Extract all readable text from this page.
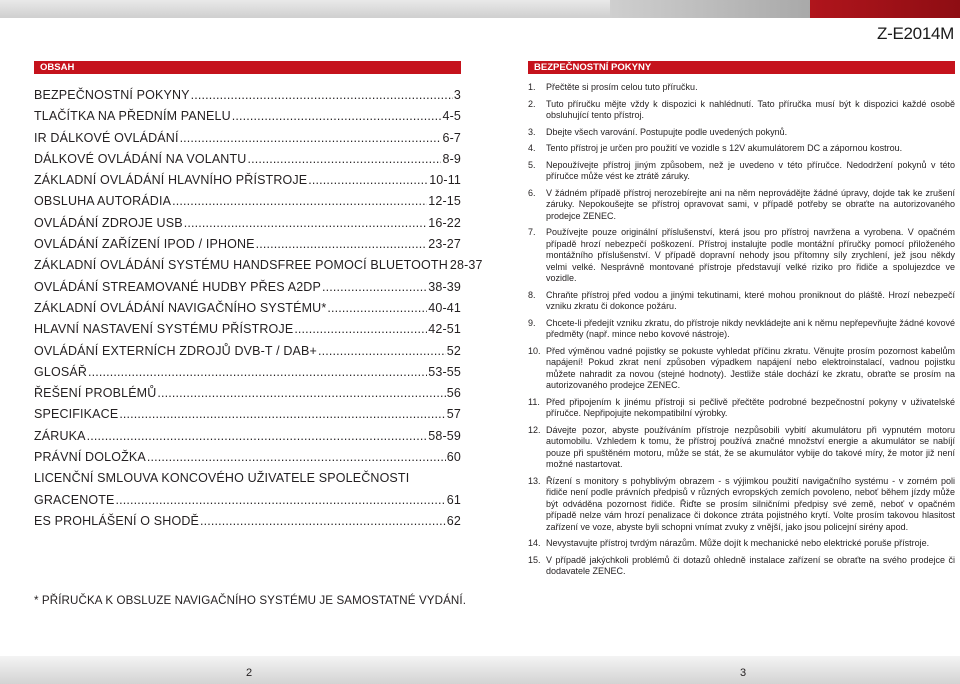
Z-E2014M
OBSAH	BEZPEČNOSTNÍ POKYNY
BEZPEČNOSTNÍ POKYNY .....	3
TLAČÍTKA NA PŘEDNÍM PANELU .....	4-5
IR DÁLKOVÉ OVLÁDÁNÍ .....	6-7
DÁLKOVÉ OVLÁDÁNÍ NA VOLANTU .....	8-9
ZÁKLADNÍ OVLÁDÁNÍ HLAVNÍHO PŘÍSTROJE .....	10-11
OBSLUHA AUTORÁDIA .....	12-15
OVLÁDÁNÍ ZDROJE USB .....	16-22
OVLÁDÁNÍ ZAŘÍZENÍ IPOD / IPHONE .....	23-27
ZÁKLADNÍ OVLÁDÁNÍ SYSTÉMU HANDSFREE POMOCÍ BLUETOOTH 28-37
OVLÁDÁNÍ STREAMOVANÉ HUDBY PŘES A2DP .....	38-39
ZÁKLADNÍ OVLÁDÁNÍ NAVIGAČNÍHO SYSTÉMU* .....	40-41
HLAVNÍ NASTAVENÍ SYSTÉMU PŘÍSTROJE .....	42-51
OVLÁDÁNÍ EXTERNÍCH ZDROJŮ DVB-T / DAB+ .....	52
GLOSÁŘ .....	53-55
ŘEŠENÍ PROBLÉMŮ .....	56
SPECIFIKACE .....	57
ZÁRUKA .....	58-59
PRÁVNÍ DOLOŽKA .....	60
LICENČNÍ SMLOUVA KONCOVÉHO UŽIVATELE SPOLEČNOSTI
GRACENOTE .....	61
ES PROHLÁŠENÍ O SHODĚ .....	62
* PŘÍRUČKA K OBSLUZE NAVIGAČNÍHO SYSTÉMU JE SAMOSTATNÉ VYDÁNÍ.
1.	Přečtěte si prosím celou tuto příručku.
2.	Tuto příručku mějte vždy k dispozici k nahlédnutí. Tato příručka musí být k dispozici každé osobě obsluhující tento přístroj.
3.	Dbejte všech varování. Postupujte podle uvedených pokynů.
4.	Tento přístroj je určen pro použití ve vozidle s 12V akumulátorem DC a zápornou kostrou.
5.	Nepoužívejte přístroj jiným způsobem, než je uvedeno v této příručce. Nedodržení pokynů v této příručce může vést ke ztrátě záruky.
6.	V žádném případě přístroj nerozebírejte ani na něm neprovádějte žádné úpravy, dojde tak ke zrušení záruky. Nepokoušejte se přístroj opravovat sami, v případě potřeby se obraťte na autorizovaného prodejce ZENEC.
7.	Používejte pouze originální příslušenství, která jsou pro přístroj navržena a vyrobena. V opačném případě hrozí nebezpečí poškození. Přístroj instalujte podle montážní příručky pomocí přiloženého montážního příslušenství. V případě dopravní nehody jsou přítomny síly zrychlení, jež jsou někdy velmi velké. Nesprávně montované přístroje představují velké riziko pro řidiče a spolujezdce ve vozidle.
8.	Chraňte přístroj před vodou a jinými tekutinami, které mohou proniknout do pláště. Hrozí nebezpečí vzniku zkratu či dokonce požáru.
9.	Chcete-li předejít vzniku zkratu, do přístroje nikdy nevkládejte ani k němu nepřepevňujte žádné kovové předměty (např. mince nebo kovové nástroje).
10. Před výměnou vadné pojistky se pokuste vyhledat příčinu zkratu. Věnujte prosím pozornost kabelům napájení! Pokud zkrat není způsoben výpadkem napájení nebo elektroinstalací, vadnou pojistku můžete nahradit za novou (stejné hodnoty). Jestliže stále dochází ke zkratu, obraťte se prosím na autorizovaného prodejce ZENEC.
11. Před připojením k jinému přístroji si pečlivě přečtěte podrobné bezpečnostní pokyny v uživatelské příručce. Nepřipojujte nekompatibilní výrobky.
12. Dávejte pozor, abyste používáním přístroje nezpůsobili vybití akumulátoru při vypnutém motoru automobilu. Vzhledem k tomu, že přístroj používá značné množství energie a akumulátor se nabíjí pouze při spuštěném motoru, může se stát, že se akumulátor vybije do takové míry, že motor již není možné nastartovat.
13. Řízení s monitory s pohyblivým obrazem - s výjimkou použití navigačního systému - v zorném poli řidiče není podle právních předpisů v různých evropských zemích povoleno, neboť během jízdy může být odváděna pozornost řidiče. Řiďte se prosím silničními předpisy své země, neboť v opačném případě nelze vám hrozí penalizace či dokonce ztráta pojistného krytí. Volte prosím takovou hlasitost zařízení ve voze, abyste byli schopni vnímat zvuky z vnější, jako jsou policejní sirény apod.
14. Nevystavujte přístroj tvrdým nárazům. Může dojít k mechanické nebo elektrické poruše přístroje.
15. V případě jakýchkoli problémů či dotazů ohledně instalace zařízení se obraťte na svého prodejce či dodavatele ZENEC.
2	3
